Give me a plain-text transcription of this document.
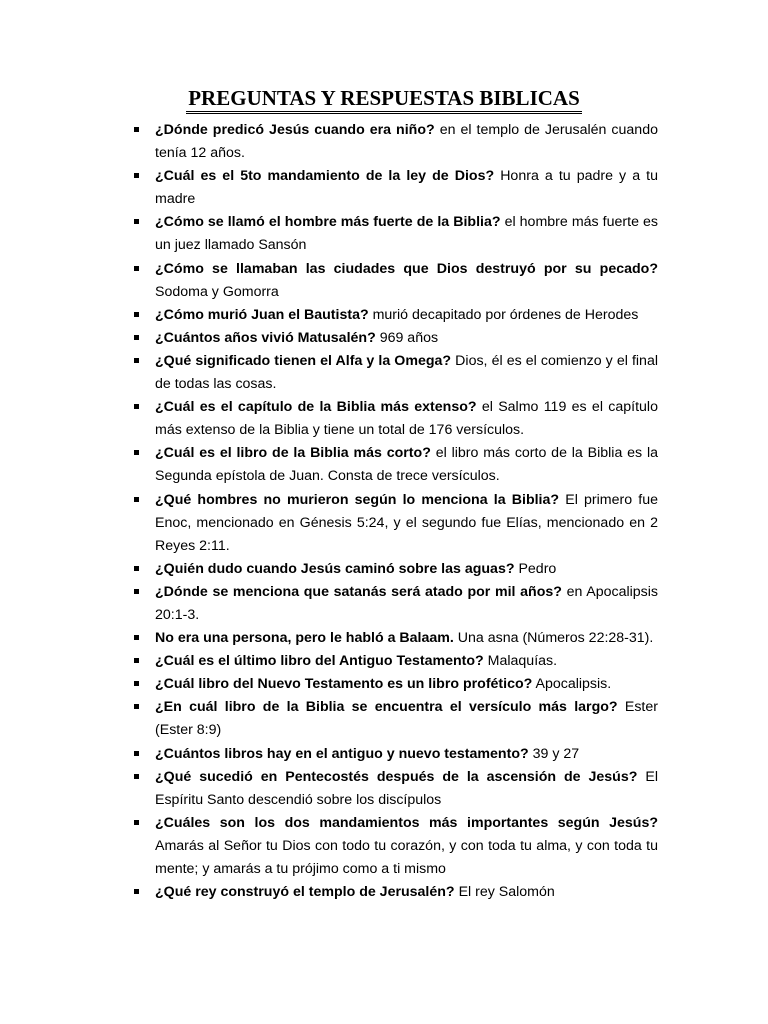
PREGUNTAS Y RESPUESTAS BIBLICAS
¿Dónde predicó Jesús cuando era niño? en el templo de Jerusalén cuando tenía 12 años.
¿Cuál es el 5to mandamiento de la ley de Dios? Honra a tu padre y a tu madre
¿Cómo se llamó el hombre más fuerte de la Biblia? el hombre más fuerte es un juez llamado Sansón
¿Cómo se llamaban las ciudades que Dios destruyó por su pecado? Sodoma y Gomorra
¿Cómo murió Juan el Bautista? murió decapitado por órdenes de Herodes
¿Cuántos años vivió Matusalén? 969 años
¿Qué significado tienen el Alfa y la Omega? Dios, él es el comienzo y el final de todas las cosas.
¿Cuál es el capítulo de la Biblia más extenso? el Salmo 119 es el capítulo más extenso de la Biblia y tiene un total de 176 versículos.
¿Cuál es el libro de la Biblia más corto? el libro más corto de la Biblia es la Segunda epístola de Juan. Consta de trece versículos.
¿Qué hombres no murieron según lo menciona la Biblia? El primero fue Enoc, mencionado en Génesis 5:24, y el segundo fue Elías, mencionado en 2 Reyes 2:11.
¿Quién dudo cuando Jesús caminó sobre las aguas? Pedro
¿Dónde se menciona que satanás será atado por mil años? en Apocalipsis 20:1-3.
No era una persona, pero le habló a Balaam. Una asna (Números 22:28-31).
¿Cuál es el último libro del Antiguo Testamento? Malaquías.
¿Cuál libro del Nuevo Testamento es un libro profético? Apocalipsis.
¿En cuál libro de la Biblia se encuentra el versículo más largo? Ester (Ester 8:9)
¿Cuántos libros hay en el antiguo y nuevo testamento? 39 y 27
¿Qué sucedió en Pentecostés después de la ascensión de Jesús? El Espíritu Santo descendió sobre los discípulos
¿Cuáles son los dos mandamientos más importantes según Jesús? Amarás al Señor tu Dios con todo tu corazón, y con toda tu alma, y con toda tu mente; y amarás a tu prójimo como a ti mismo
¿Qué rey construyó el templo de Jerusalén? El rey Salomón
